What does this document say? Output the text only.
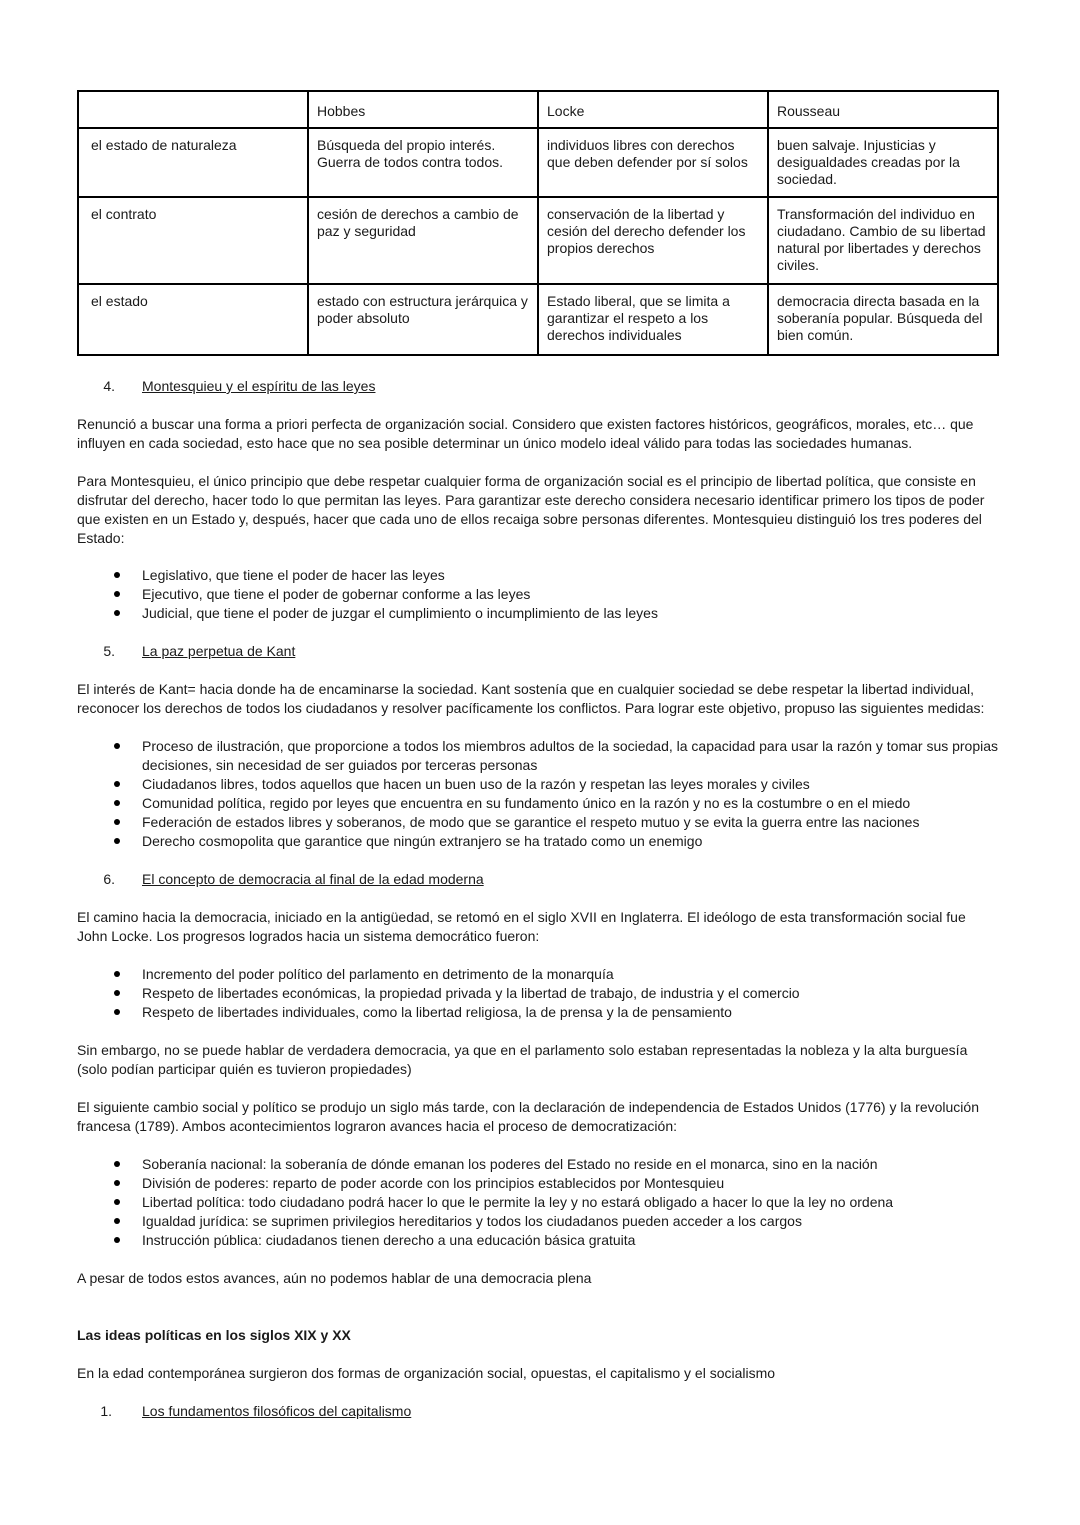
	Hobbes	Locke	Rousseau
el estado de naturaleza	Búsqueda del propio interés. Guerra de todos contra todos.	individuos libres con derechos que deben defender por sí solos	buen salvaje. Injusticias y desigualdades creadas por la sociedad.
el contrato	cesión de derechos a cambio de paz y seguridad	conservación de la libertad y cesión del derecho defender los propios derechos	Transformación del individuo en ciudadano. Cambio de su libertad natural por libertades y derechos civiles.
el estado	estado con estructura jerárquica y poder absoluto	Estado liberal, que se limita a garantizar el respeto a los derechos individuales	democracia directa basada en la soberanía popular. Búsqueda del bien común.
4.	Montesquieu y el espíritu de las leyes

Renunció a buscar una forma a priori perfecta de organización social. Considero que existen factores históricos, geográficos, morales, etc… que influyen en cada sociedad, esto hace que no sea posible determinar un único modelo ideal válido para todas las sociedades humanas.

Para Montesquieu, el único principio que debe respetar cualquier forma de organización social es el principio de libertad política, que consiste en disfrutar del derecho, hacer todo lo que permitan las leyes. Para garantizar este derecho considera necesario identificar primero los tipos de poder que existen en un Estado y, después, hacer que cada uno de ellos recaiga sobre personas diferentes. Montesquieu distinguió los tres poderes del Estado:

Legislativo, que tiene el poder de hacer las leyes
Ejecutivo, que tiene el poder de gobernar conforme a las leyes
Judicial, que tiene el poder de juzgar el cumplimiento o incumplimiento de las leyes
5.	La paz perpetua de Kant

El interés de Kant= hacia donde ha de encaminarse la sociedad. Kant sostenía que en cualquier sociedad se debe respetar la libertad individual, reconocer los derechos de todos los ciudadanos y resolver pacíficamente los conflictos. Para lograr este objetivo, propuso las siguientes medidas:

Proceso de ilustración, que proporcione a todos los miembros adultos de la sociedad, la capacidad para usar la razón y tomar sus propias decisiones, sin necesidad de ser guiados por terceras personas
Ciudadanos libres, todos aquellos que hacen un buen uso de la razón y respetan las leyes morales y civiles
Comunidad política, regido por leyes que encuentra en su fundamento único en la razón y no es la costumbre o en el miedo
Federación de estados libres y soberanos, de modo que se garantice el respeto mutuo y se evita la guerra entre las naciones
Derecho cosmopolita que garantice que ningún extranjero se ha tratado como un enemigo
6.	El concepto de democracia al final de la edad moderna

El camino hacia la democracia, iniciado en la antigüedad, se retomó en el siglo XVII en Inglaterra. El ideólogo de esta transformación social fue John Locke. Los progresos logrados hacia un sistema democrático fueron:

Incremento del poder político del parlamento en detrimento de la monarquía
Respeto de libertades económicas, la propiedad privada y la libertad de trabajo, de industria y el comercio
Respeto de libertades individuales, como la libertad religiosa, la de prensa y la de pensamiento

Sin embargo, no se puede hablar de verdadera democracia, ya que en el parlamento solo estaban representadas la nobleza y la alta burguesía (solo podían participar quién es tuvieron propiedades)

El siguiente cambio social y político se produjo un siglo más tarde, con la declaración de independencia de Estados Unidos (1776) y la revolución francesa (1789). Ambos acontecimientos lograron avances hacia el proceso de democratización:

Soberanía nacional: la soberanía de dónde emanan los poderes del Estado no reside en el monarca, sino en la nación
División de poderes: reparto de poder acorde con los principios establecidos por Montesquieu
Libertad política: todo ciudadano podrá hacer lo que le permite la ley y no estará obligado a hacer lo que la ley no ordena
Igualdad jurídica: se suprimen privilegios hereditarios y todos los ciudadanos pueden acceder a los cargos
Instrucción pública: ciudadanos tienen derecho a una educación básica gratuita

A pesar de todos estos avances, aún no podemos hablar de una democracia plena

Las ideas políticas en los siglos XIX y XX

En la edad contemporánea surgieron dos formas de organización social, opuestas, el capitalismo y el socialismo

1.	Los fundamentos filosóficos del capitalismo
